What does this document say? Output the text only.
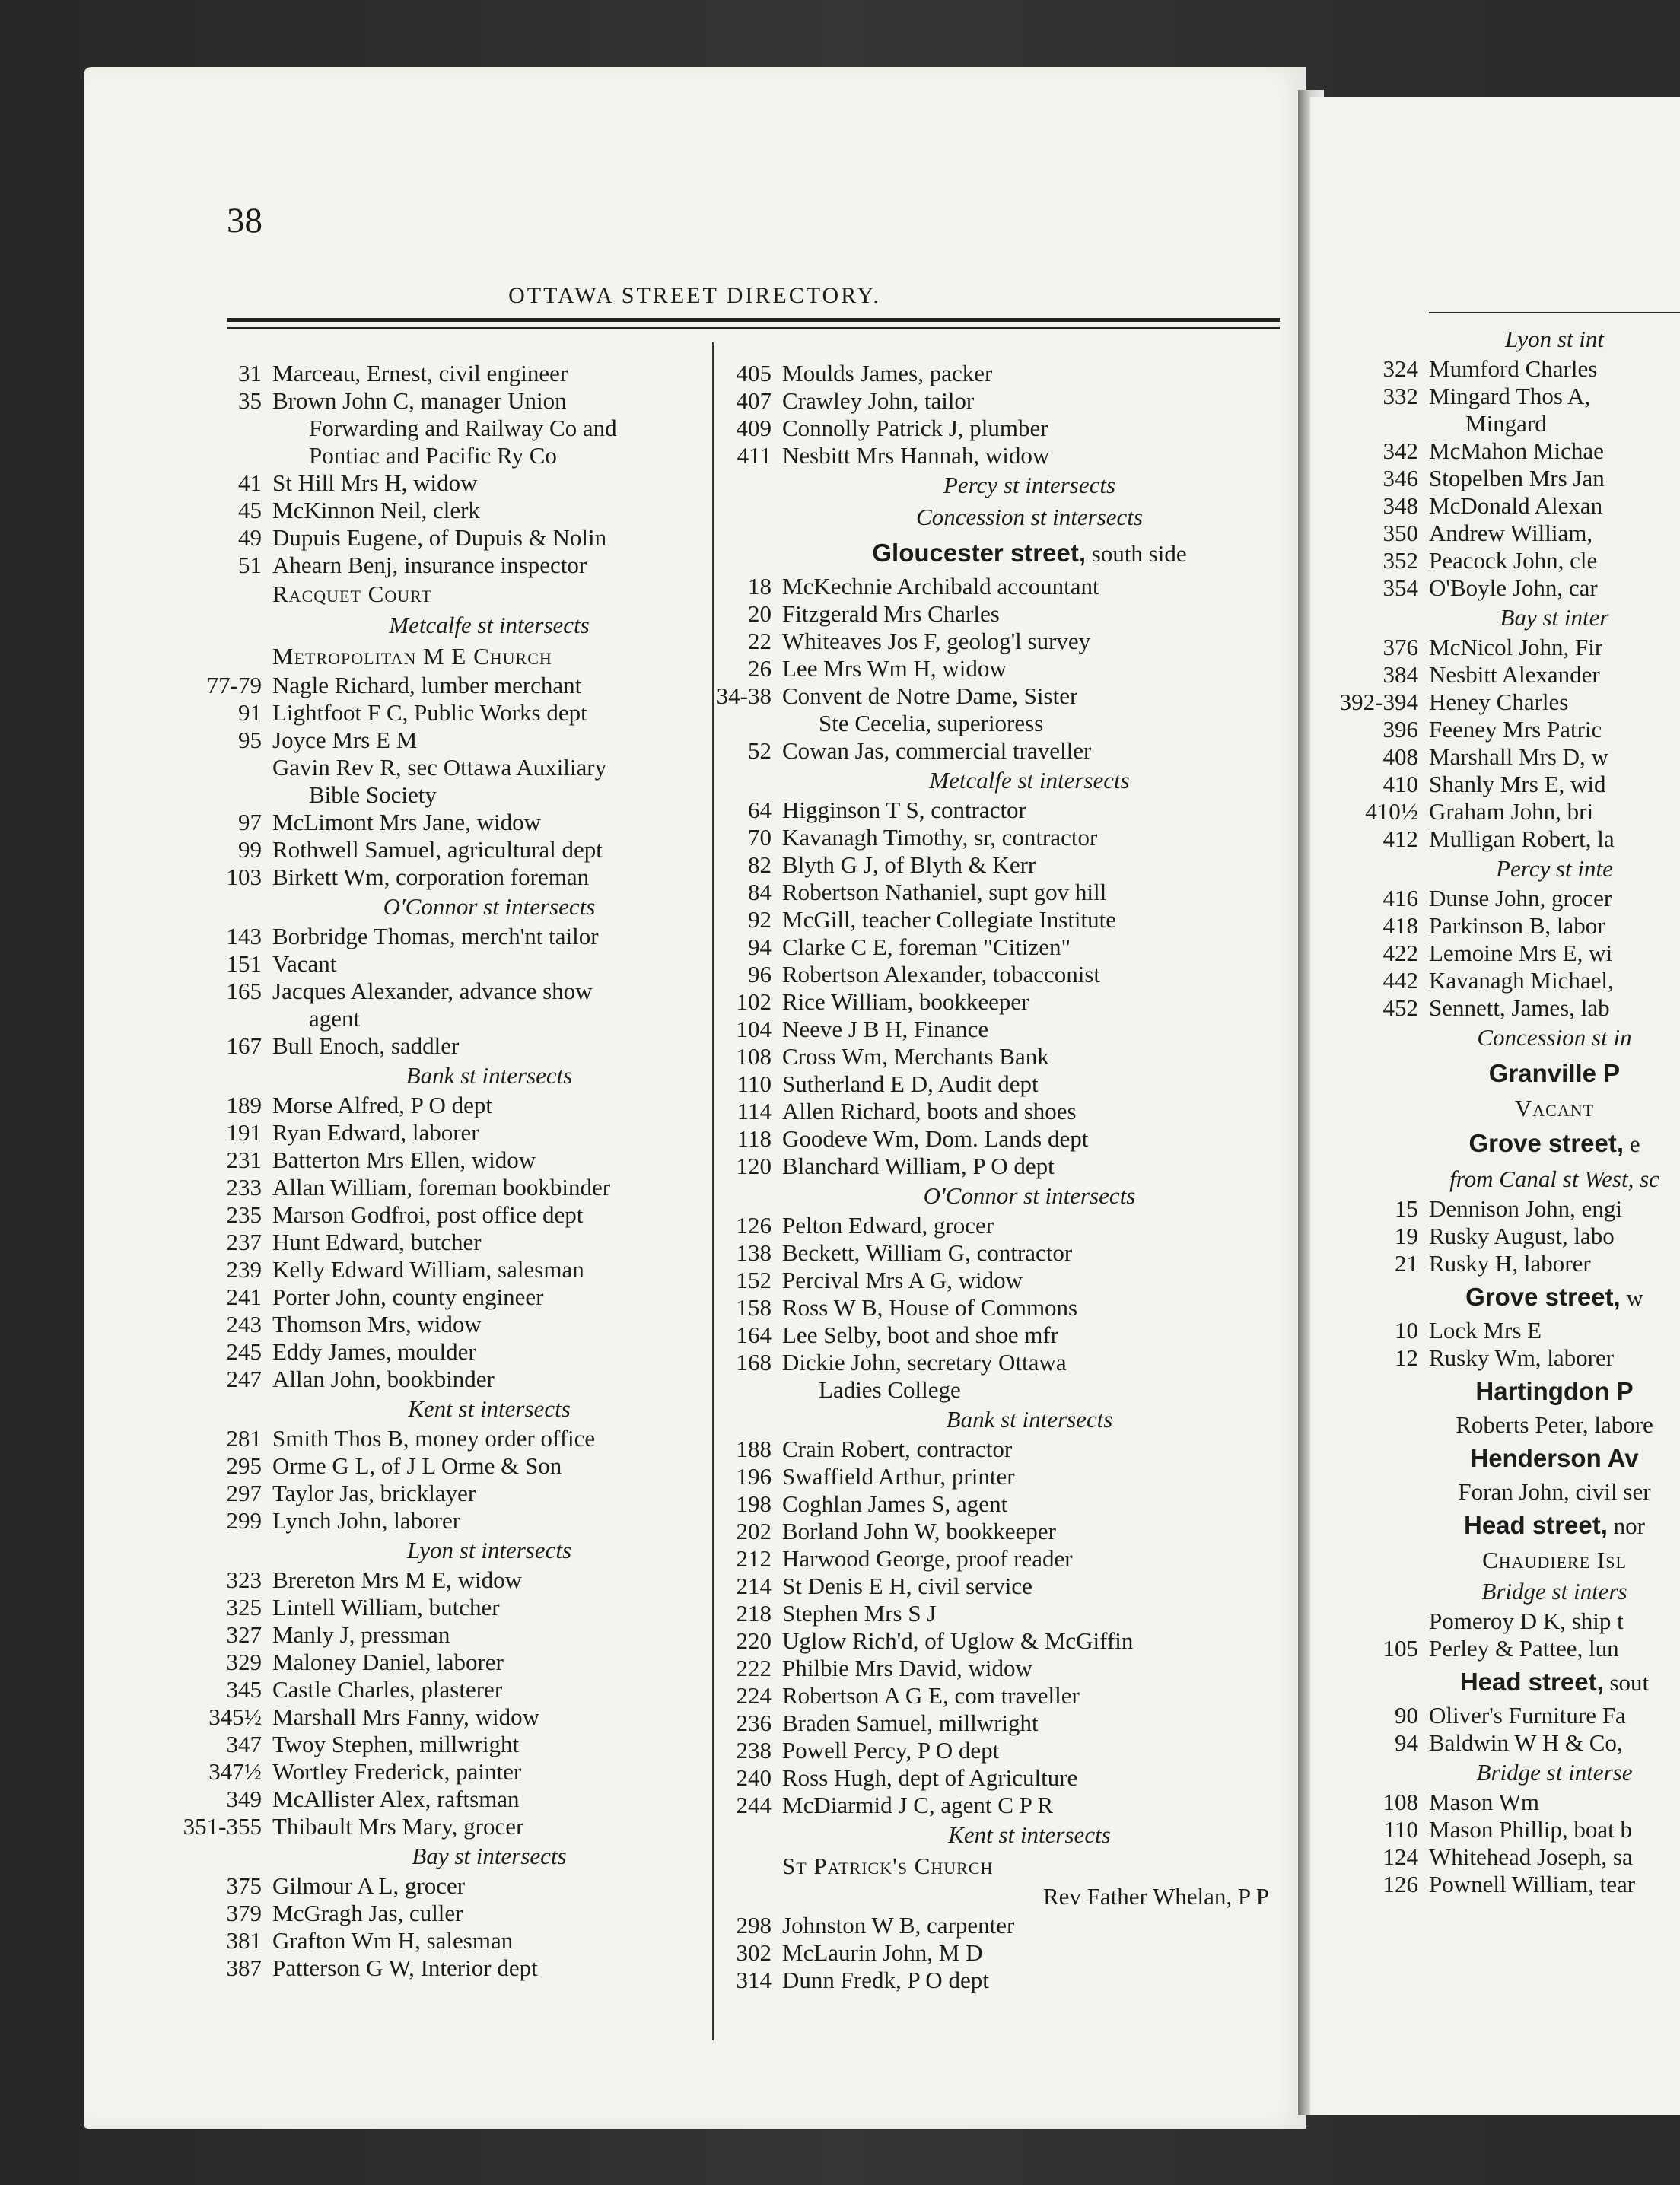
38
OTTAWA STREET DIRECTORY.
31 Marceau, Ernest, civil engineer
35 Brown John C, manager Union
Forwarding and Railway Co and
Pontiac and Pacific Ry Co
41 St Hill Mrs H, widow
45 McKinnon Neil, clerk
49 Dupuis Eugene, of Dupuis & Nolin
51 Ahearn Benj, insurance inspector
Racquet Court
Metcalfe st intersects
Metropolitan M E Church
77-79 Nagle Richard, lumber merchant
91 Lightfoot F C, Public Works dept
95 Joyce Mrs E M
Gavin Rev R, sec Ottawa Auxiliary
Bible Society
97 McLimont Mrs Jane, widow
99 Rothwell Samuel, agricultural dept
103 Birkett Wm, corporation foreman
O'Connor st intersects
143 Borbridge Thomas, merch'nt tailor
151 Vacant
165 Jacques Alexander, advance show
agent
167 Bull Enoch, saddler
Bank st intersects
189 Morse Alfred, P O dept
191 Ryan Edward, laborer
231 Batterton Mrs Ellen, widow
233 Allan William, foreman bookbinder
235 Marson Godfroi, post office dept
237 Hunt Edward, butcher
239 Kelly Edward William, salesman
241 Porter John, county engineer
243 Thomson Mrs, widow
245 Eddy James, moulder
247 Allan John, bookbinder
Kent st intersects
281 Smith Thos B, money order office
295 Orme G L, of J L Orme & Son
297 Taylor Jas, bricklayer
299 Lynch John, laborer
Lyon st intersects
323 Brereton Mrs M E, widow
325 Lintell William, butcher
327 Manly J, pressman
329 Maloney Daniel, laborer
345 Castle Charles, plasterer
345½ Marshall Mrs Fanny, widow
347 Twoy Stephen, millwright
347½ Wortley Frederick, painter
349 McAllister Alex, raftsman
351-355 Thibault Mrs Mary, grocer
Bay st intersects
375 Gilmour A L, grocer
379 McGragh Jas, culler
381 Grafton Wm H, salesman
387 Patterson G W, Interior dept
405 Moulds James, packer
407 Crawley John, tailor
409 Connolly Patrick J, plumber
411 Nesbitt Mrs Hannah, widow
Percy st intersects
Concession st intersects
Gloucester street, south side
18 McKechnie Archibald accountant
20 Fitzgerald Mrs Charles
22 Whiteaves Jos F, geolog'l survey
26 Lee Mrs Wm H, widow
34-38 Convent de Notre Dame, Sister
Ste Cecelia, superioress
52 Cowan Jas, commercial traveller
Metcalfe st intersects
64 Higginson T S, contractor
70 Kavanagh Timothy, sr, contractor
82 Blyth G J, of Blyth & Kerr
84 Robertson Nathaniel, supt gov hill
92 McGill, teacher Collegiate Institute
94 Clarke C E, foreman "Citizen"
96 Robertson Alexander, tobacconist
102 Rice William, bookkeeper
104 Neeve J B H, Finance
108 Cross Wm, Merchants Bank
110 Sutherland E D, Audit dept
114 Allen Richard, boots and shoes
118 Goodeve Wm, Dom. Lands dept
120 Blanchard William, P O dept
O'Connor st intersects
126 Pelton Edward, grocer
138 Beckett, William G, contractor
152 Percival Mrs A G, widow
158 Ross W B, House of Commons
164 Lee Selby, boot and shoe mfr
168 Dickie John, secretary Ottawa
Ladies College
Bank st intersects
188 Crain Robert, contractor
196 Swaffield Arthur, printer
198 Coghlan James S, agent
202 Borland John W, bookkeeper
212 Harwood George, proof reader
214 St Denis E H, civil service
218 Stephen Mrs S J
220 Uglow Rich'd, of Uglow & McGiffin
222 Philbie Mrs David, widow
224 Robertson A G E, com traveller
236 Braden Samuel, millwright
238 Powell Percy, P O dept
240 Ross Hugh, dept of Agriculture
244 McDiarmid J C, agent C P R
Kent st intersects
St Patrick's Church
Rev Father Whelan, P P
298 Johnston W B, carpenter
302 McLaurin John, M D
314 Dunn Fredk, P O dept
Lyon st int
324 Mumford Charles
332 Mingard Thos A,
Mingard
342 McMahon Michae
346 Stopelben Mrs Jan
348 McDonald Alexan
350 Andrew William,
352 Peacock John, cle
354 O'Boyle John, car
Bay st inter
376 McNicol John, Fir
384 Nesbitt Alexander
392-394 Heney Charles
396 Feeney Mrs Patric
408 Marshall Mrs D, w
410 Shanly Mrs E, wid
410½ Graham John, bri
412 Mulligan Robert, la
Percy st inte
416 Dunse John, grocer
418 Parkinson B, labor
422 Lemoine Mrs E, wi
442 Kavanagh Michael,
452 Sennett, James, lab
Concession st in
Granville P
Vacant
Grove street, e
from Canal st West, sc
15 Dennison John, engi
19 Rusky August, labo
21 Rusky H, laborer
Grove street, w
10 Lock Mrs E
12 Rusky Wm, laborer
Hartingdon P
Roberts Peter, labore
Henderson Av
Foran John, civil ser
Head street, nor
Chaudiere Isl
Bridge st inters
Pomeroy D K, ship t
105 Perley & Pattee, lun
Head street, sout
90 Oliver's Furniture Fa
94 Baldwin W H & Co,
Bridge st interse
108 Mason Wm
110 Mason Phillip, boat b
124 Whitehead Joseph, sa
126 Pownell William, tear
